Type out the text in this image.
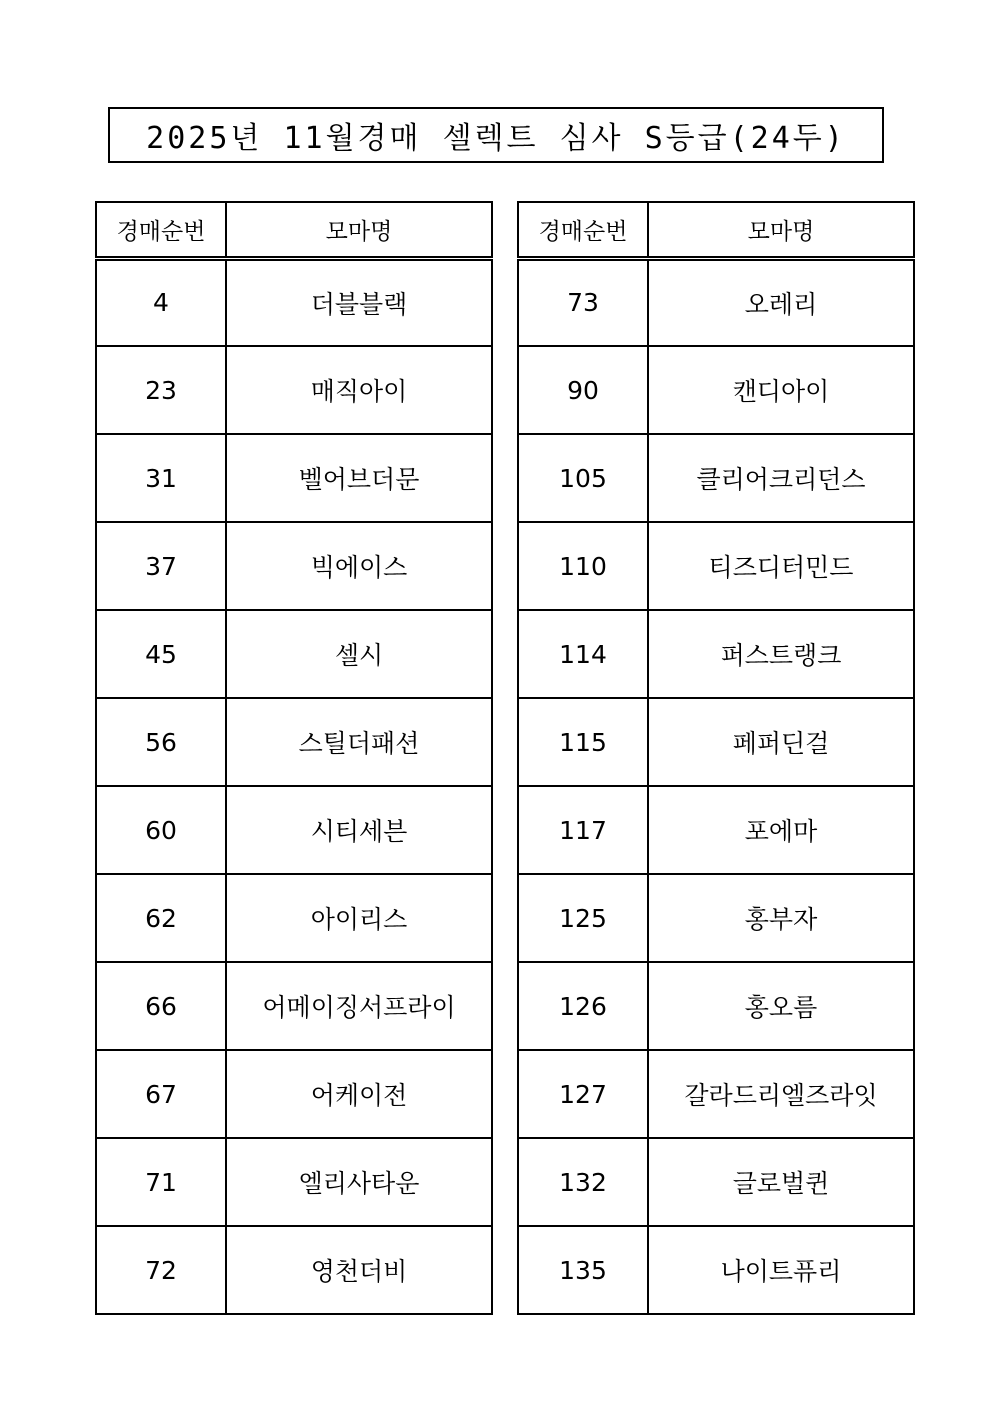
2025년 11월경매 셀렉트 심사 S등급(24두)
경매순번	모마명
4	더블블랙
23	매직아이
31	벨어브더문
37	빅에이스
45	셀시
56	스틸더패션
60	시티세븐
62	아이리스
66	어메이징서프라이
67	어케이전
71	엘리사타운
72	영천더비
경매순번	모마명
73	오레리
90	캔디아이
105	클리어크리던스
110	티즈디터민드
114	퍼스트랭크
115	페퍼딘걸
117	포에마
125	홍부자
126	홍오름
127	갈라드리엘즈라잇
132	글로벌퀸
135	나이트퓨리
